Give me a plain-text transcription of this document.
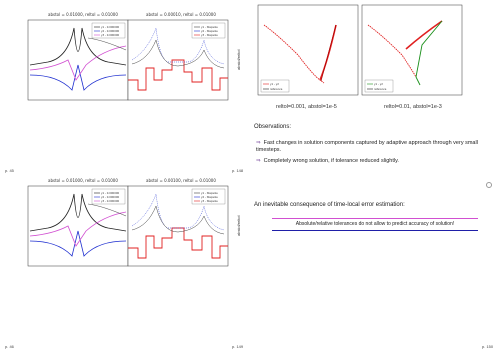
abstol = 0.01000, reltol = 0.01000	abstol = 0.00010, reltol = 0.01000
y1 - 0.000000
y2 - 0.000000
y3 - 0.000000
y1 - Stepsize
y2 - Stepsize
y3 - Stepsize
abstol/reltol
p. 45	p. 148
y1 - y2
reference
y1 - y2
reference
reltol=0.001, abstol=1e-5	reltol=0.01, abstol=1e-3
Observations:
⇒ Fast changes in solution components captured by adaptive approach through very small timesteps.
⇒ Completely wrong solution, if tolerance reduced slightly.
abstol = 0.01000, reltol = 0.01000	abstol = 0.00100, reltol = 0.01000
y1 - 0.000000
y2 - 0.000000
y3 - 0.000000
y1 - Stepsize
y2 - Stepsize
y3 - Stepsize
abstol/reltol
p. 46	p. 149
An inevitable consequence of time-local error estimation:
Absolute/relative tolerances do not allow to predict accuracy of solution!
p. 150
